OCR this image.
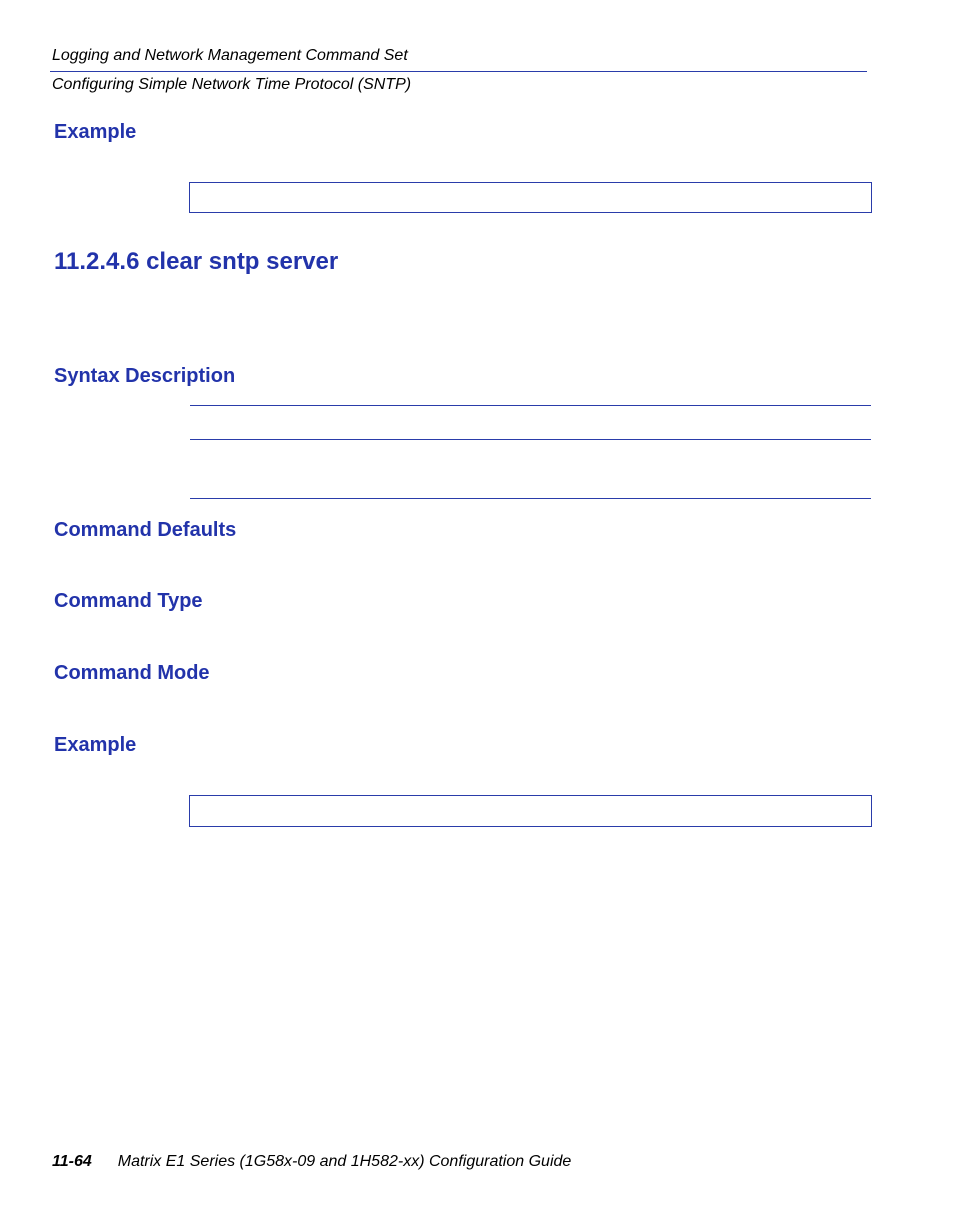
Logging and Network Management Command Set
Configuring Simple Network Time Protocol (SNTP)
Example
11.2.4.6 clear sntp server
Syntax Description
Command Defaults
Command Type
Command Mode
Example
11-64 Matrix E1 Series (1G58x-09 and 1H582-xx) Configuration Guide
